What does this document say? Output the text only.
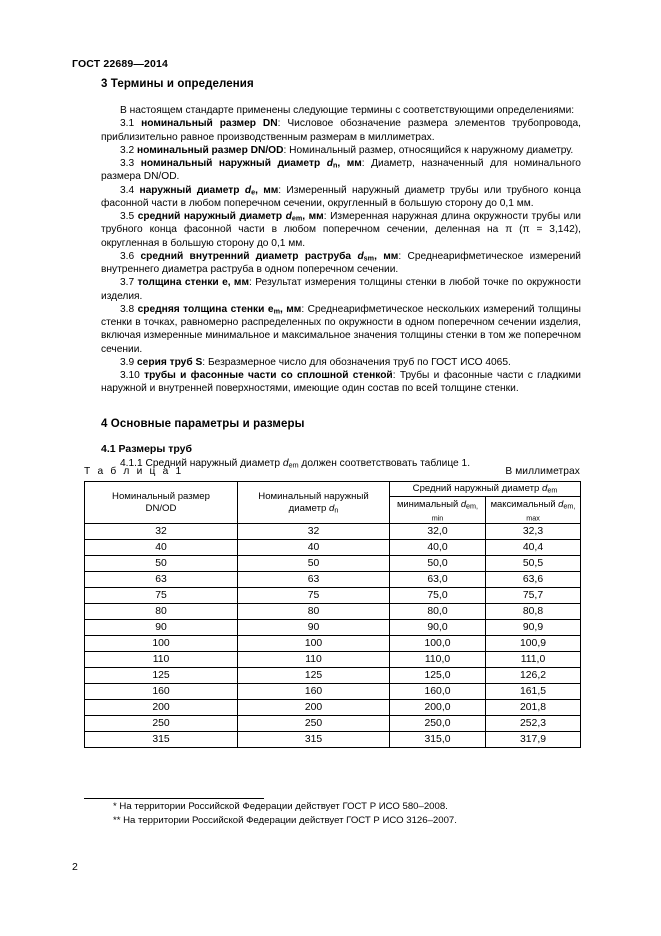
ГОСТ 22689—2014
3 Термины и определения

В настоящем стандарте применены следующие термины с соответствующими определениями:

3.1 номинальный размер DN: Числовое обозначение размера элементов трубопровода, приблизительно равное производственным размерам в миллиметрах.

3.2 номинальный размер DN/OD: Номинальный размер, относящийся к наружному диаметру.

3.3 номинальный наружный диаметр $d_n$, мм: Диаметр, назначенный для номинального размера DN/OD.

3.4 наружный диаметр $d_e$, мм: Измеренный наружный диаметр трубы или трубного конца фасонной части в любом поперечном сечении, округленный в большую сторону до 0,1 мм.

3.5 средний наружный диаметр $d_{em}$, мм: Измеренная наружная длина окружности трубы или трубного конца фасонной части в любом поперечном сечении, деленная на π (π = 3,142), округленная в большую сторону до 0,1 мм.

3.6 средний внутренний диаметр раструба $d_{sm}$, мм: Среднеарифметическое измерений внутреннего диаметра раструба в одном поперечном сечении.

3.7 толщина стенки e, мм: Результат измерения толщины стенки в любой точке по окружности изделия.

3.8 средняя толщина стенки $e_m$, мм: Среднеарифметическое нескольких измерений толщины стенки в точках, равномерно распределенных по окружности в одном поперечном сечении изделия, включая измеренные минимальное и максимальное значения толщины стенки в том же поперечном сечении.

3.9 серия труб S: Безразмерное число для обозначения труб по ГОСТ ИСО 4065.

3.10 трубы и фасонные части со сплошной стенкой: Трубы и фасонные части с гладкими наружной и внутренней поверхностями, имеющие один состав по всей толщине стенки.

4 Основные параметры и размеры
4.1 Размеры труб

4.1.1 Средний наружный диаметр $d_{em}$ должен соответствовать таблице 1.

Т а б л и ц а 1	В миллиметрах
Номинальный размер
DN/OD	Номинальный наружный
диаметр $d_n$	Средний наружный диаметр $d_{em}$
		минимальный $d_{em, min}$	максимальный $d_{em, max}$
32	32	32,0	32,3
40	40	40,0	40,4
50	50	50,0	50,5
63	63	63,0	63,6
75	75	75,0	75,7
80	80	80,0	80,8
90	90	90,0	90,9
100	100	100,0	100,9
110	110	110,0	111,0
125	125	125,0	126,2
160	160	160,0	161,5
200	200	200,0	201,8
250	250	250,0	252,3
315	315	315,0	317,9

* На территории Российской Федерации действует ГОСТ Р ИСО 580–2008.

** На территории Российской Федерации действует ГОСТ Р ИСО 3126–2007.

2
